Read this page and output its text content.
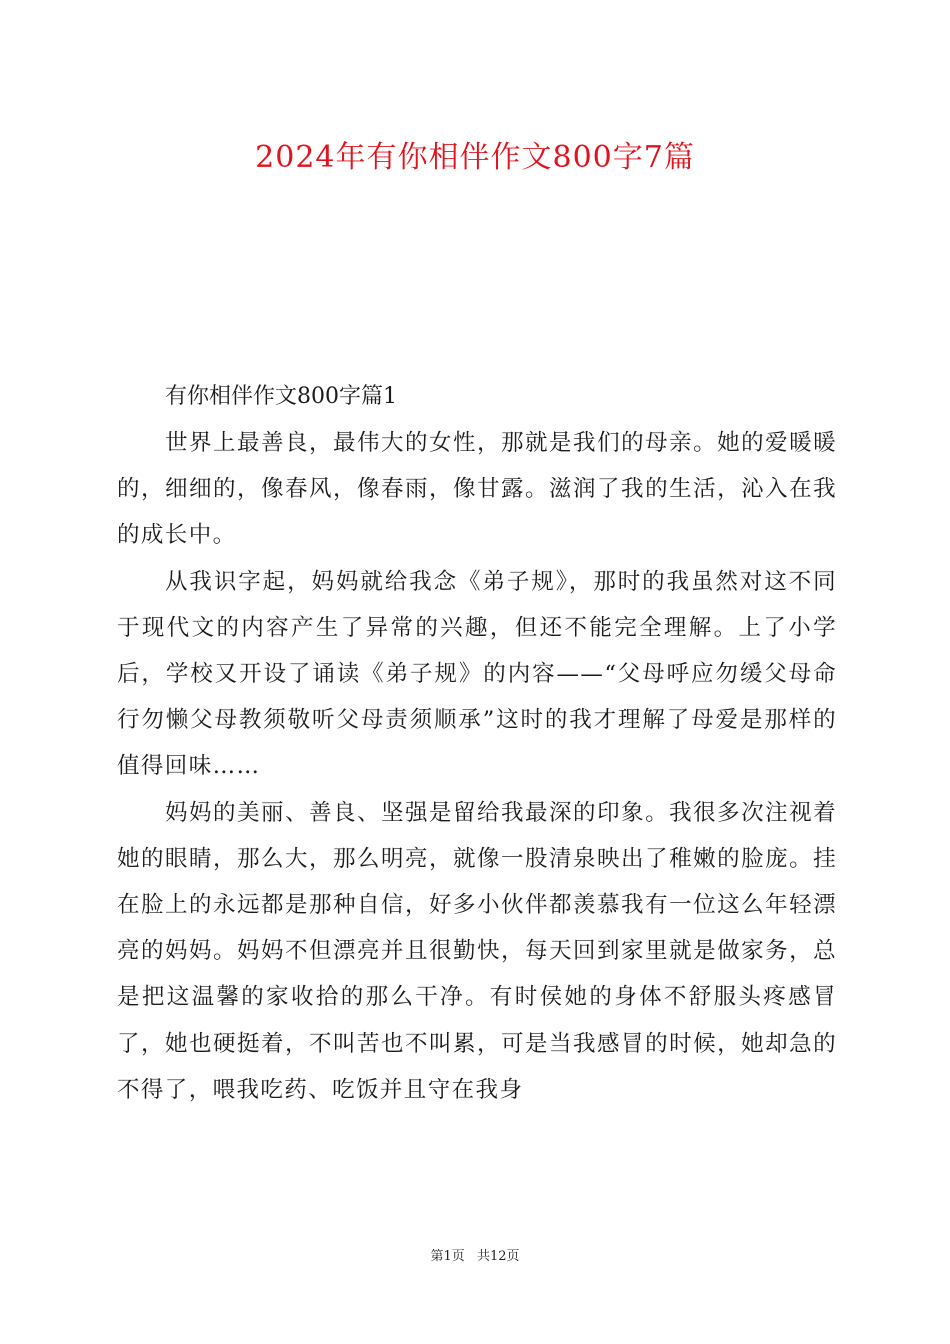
2024年有你相伴作文800字7篇

有你相伴作文800字篇1

世界上最善良，最伟大的女性，那就是我们的母亲。她的爱暖暖的，细细的，像春风，像春雨，像甘露。滋润了我的生活，沁入在我的成长中。

从我识字起，妈妈就给我念《弟子规》，那时的我虽然对这不同于现代文的内容产生了异常的兴趣，但还不能完全理解。上了小学后，学校又开设了诵读《弟子规》的内容——“父母呼应勿缓父母命行勿懒父母教须敬听父母责须顺承”这时的我才理解了母爱是那样的值得回味……

妈妈的美丽、善良、坚强是留给我最深的印象。我很多次注视着她的眼睛，那么大，那么明亮，就像一股清泉映出了稚嫩的脸庞。挂在脸上的永远都是那种自信，好多小伙伴都羡慕我有一位这么年轻漂亮的妈妈。妈妈不但漂亮并且很勤快，每天回到家里就是做家务，总是把这温馨的家收拾的那么干净。有时侯她的身体不舒服头疼感冒了，她也硬挺着，不叫苦也不叫累，可是当我感冒的时候，她却急的不得了，喂我吃药、吃饭并且守在我身

第1页 共12页
